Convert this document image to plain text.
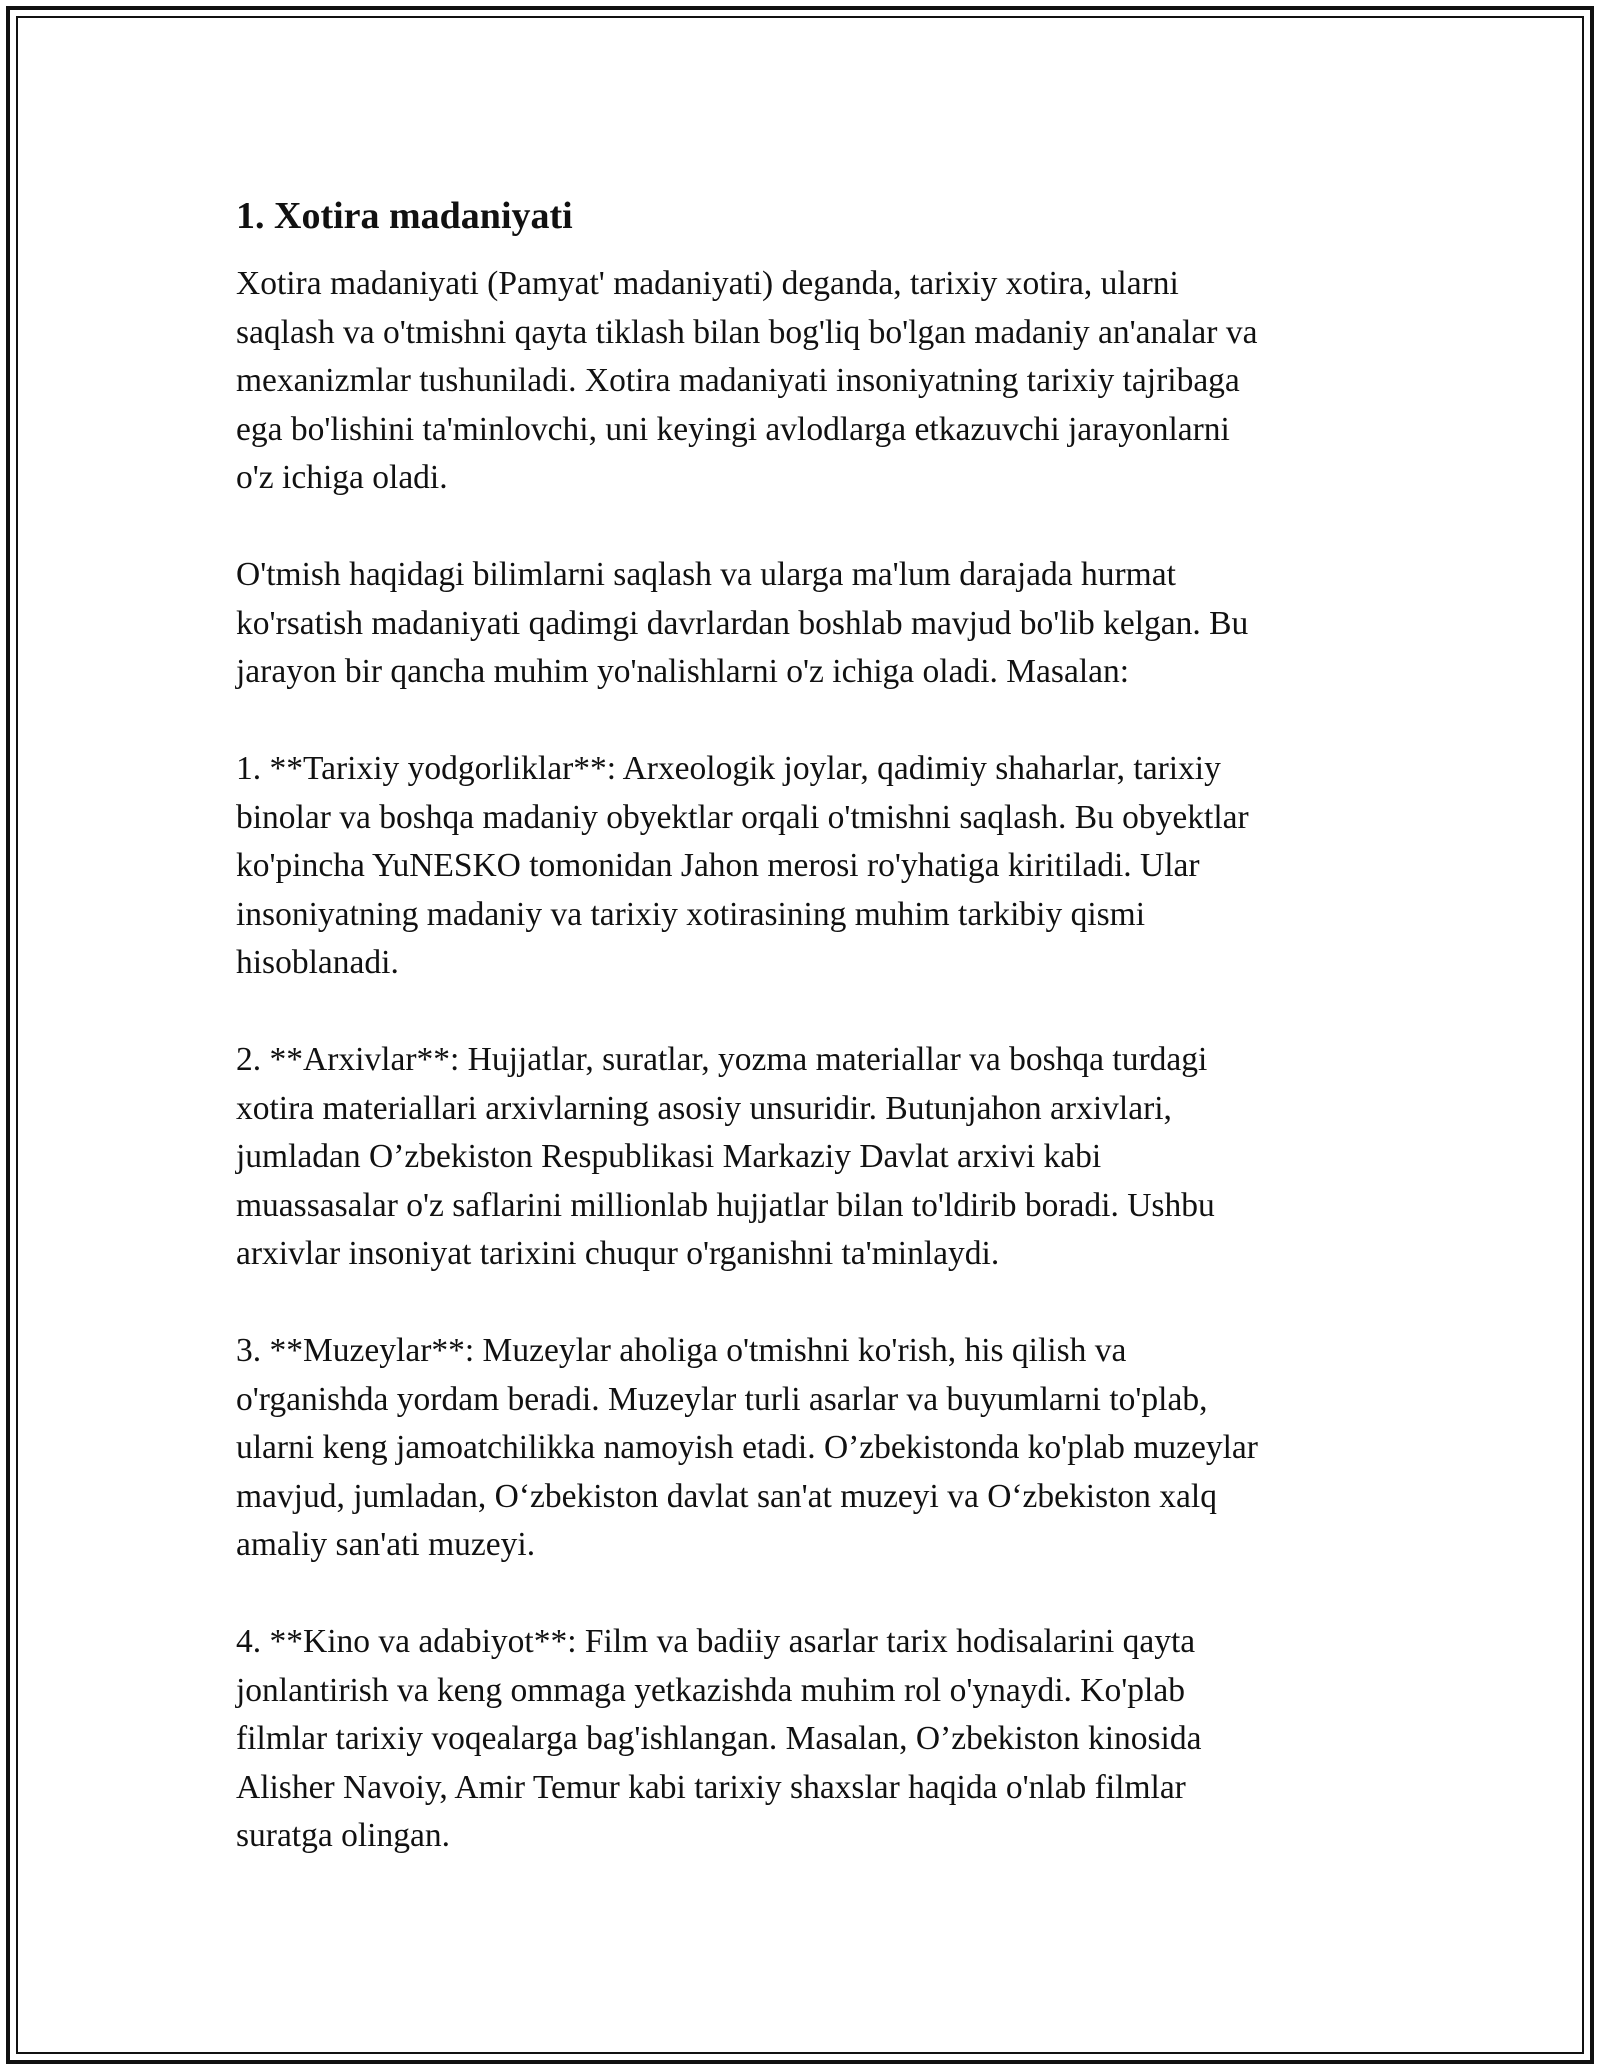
1. Xotira madaniyati

Xotira madaniyati (Pamyat' madaniyati) deganda, tarixiy xotira, ularni
saqlash va o'tmishni qayta tiklash bilan bog'liq bo'lgan madaniy an'analar va
mexanizmlar tushuniladi. Xotira madaniyati insoniyatning tarixiy tajribaga
ega bo'lishini ta'minlovchi, uni keyingi avlodlarga etkazuvchi jarayonlarni
o'z ichiga oladi.

O'tmish haqidagi bilimlarni saqlash va ularga ma'lum darajada hurmat
ko'rsatish madaniyati qadimgi davrlardan boshlab mavjud bo'lib kelgan. Bu
jarayon bir qancha muhim yo'nalishlarni o'z ichiga oladi. Masalan:

1. **Tarixiy yodgorliklar**: Arxeologik joylar, qadimiy shaharlar, tarixiy
binolar va boshqa madaniy obyektlar orqali o'tmishni saqlash. Bu obyektlar
ko'pincha YuNESKO tomonidan Jahon merosi ro'yhatiga kiritiladi. Ular
insoniyatning madaniy va tarixiy xotirasining muhim tarkibiy qismi
hisoblanadi.

2. **Arxivlar**: Hujjatlar, suratlar, yozma materiallar va boshqa turdagi
xotira materiallari arxivlarning asosiy unsuridir. Butunjahon arxivlari,
jumladan O’zbekiston Respublikasi Markaziy Davlat arxivi kabi
muassasalar o'z saflarini millionlab hujjatlar bilan to'ldirib boradi. Ushbu
arxivlar insoniyat tarixini chuqur o'rganishni ta'minlaydi.

3. **Muzeylar**: Muzeylar aholiga o'tmishni ko'rish, his qilish va
o'rganishda yordam beradi. Muzeylar turli asarlar va buyumlarni to'plab,
ularni keng jamoatchilikka namoyish etadi. O’zbekistonda ko'plab muzeylar
mavjud, jumladan, O‘zbekiston davlat san'at muzeyi va O‘zbekiston xalq
amaliy san'ati muzeyi.

4. **Kino va adabiyot**: Film va badiiy asarlar tarix hodisalarini qayta
jonlantirish va keng ommaga yetkazishda muhim rol o'ynaydi. Ko'plab
filmlar tarixiy voqealarga bag'ishlangan. Masalan, O’zbekiston kinosida
Alisher Navoiy, Amir Temur kabi tarixiy shaxslar haqida o'nlab filmlar
suratga olingan.
